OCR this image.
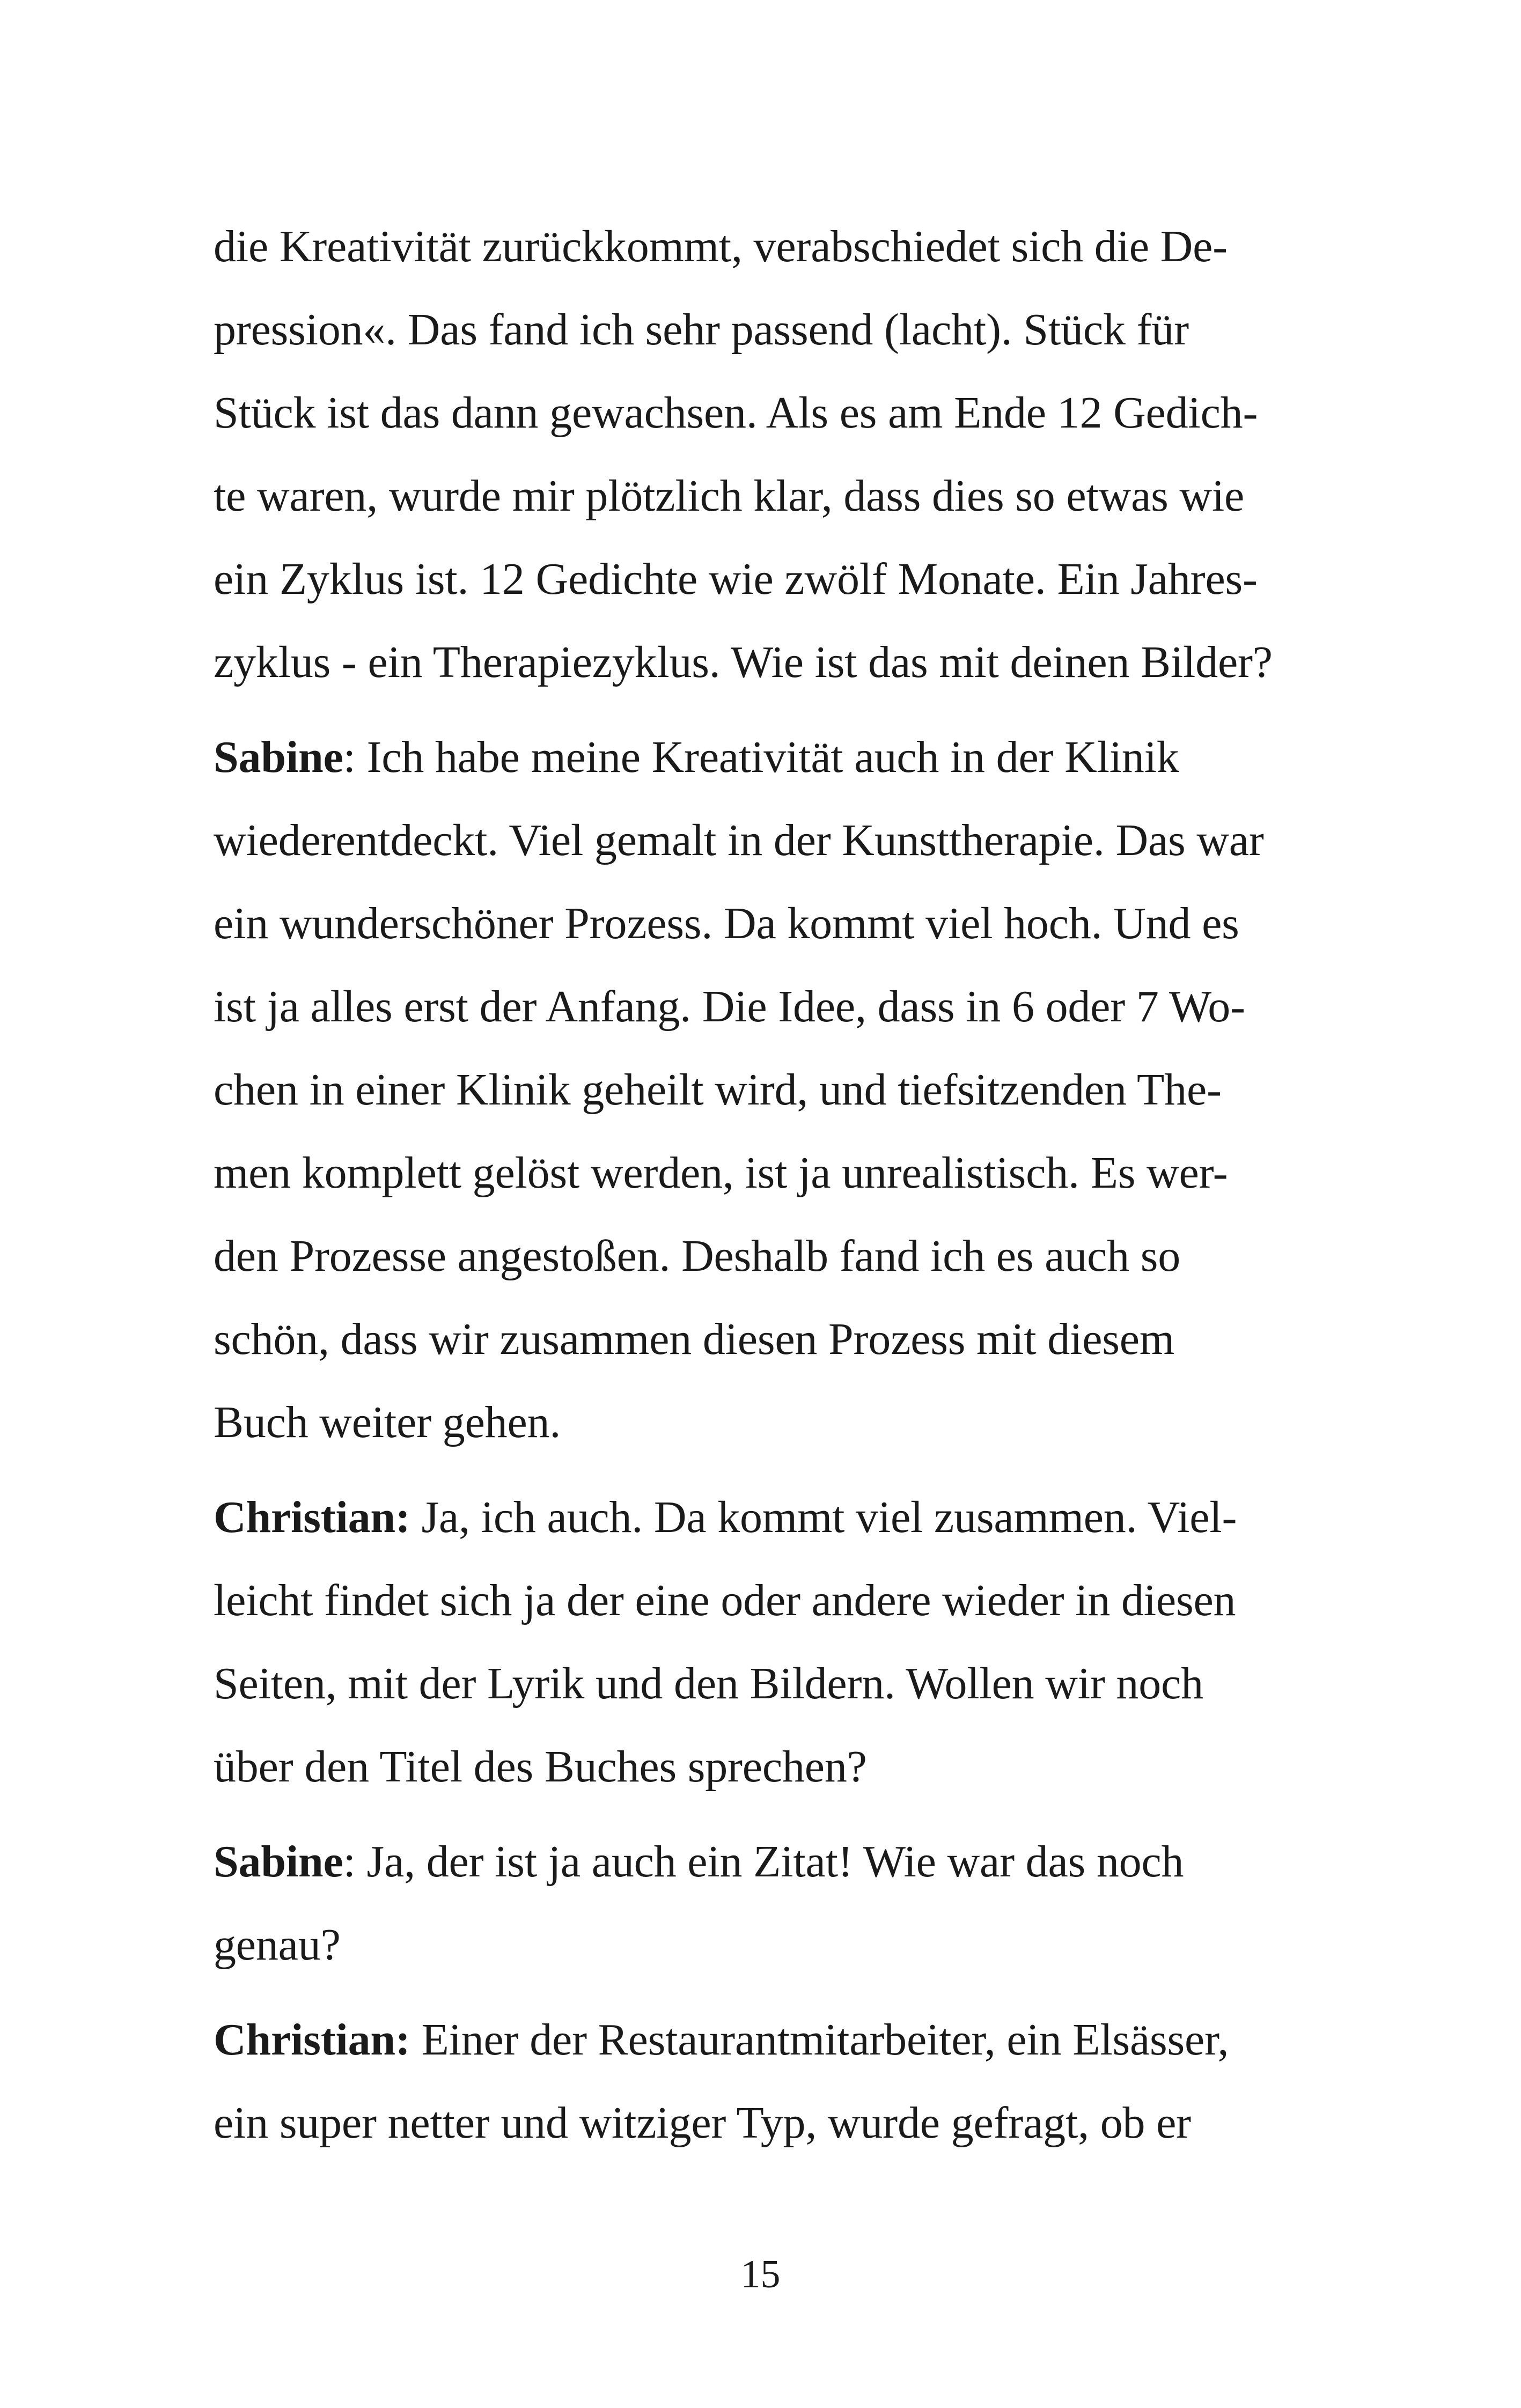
die Kreativität zurückkommt, verabschiedet sich die De-
pression«. Das fand ich sehr passend (lacht). Stück für
Stück ist das dann gewachsen. Als es am Ende 12 Gedich-
te waren, wurde mir plötzlich klar, dass dies so etwas wie
ein Zyklus ist. 12 Gedichte wie zwölf Monate. Ein Jahres-
zyklus - ein Therapiezyklus. Wie ist das mit deinen Bilder?
Sabine: Ich habe meine Kreativität auch in der Klinik
wiederentdeckt. Viel gemalt in der Kunsttherapie. Das war
ein wunderschöner Prozess. Da kommt viel hoch. Und es
ist ja alles erst der Anfang. Die Idee, dass in 6 oder 7 Wo-
chen in einer Klinik geheilt wird, und tiefsitzenden The-
men komplett gelöst werden, ist ja unrealistisch. Es wer-
den Prozesse angestoßen. Deshalb fand ich es auch so
schön, dass wir zusammen diesen Prozess mit diesem
Buch weiter gehen.
Christian: Ja, ich auch. Da kommt viel zusammen. Viel-
leicht findet sich ja der eine oder andere wieder in diesen
Seiten, mit der Lyrik und den Bildern. Wollen wir noch
über den Titel des Buches sprechen?
Sabine: Ja, der ist ja auch ein Zitat! Wie war das noch
genau?
Christian: Einer der Restaurantmitarbeiter, ein Elsässer,
ein super netter und witziger Typ, wurde gefragt, ob er
15
